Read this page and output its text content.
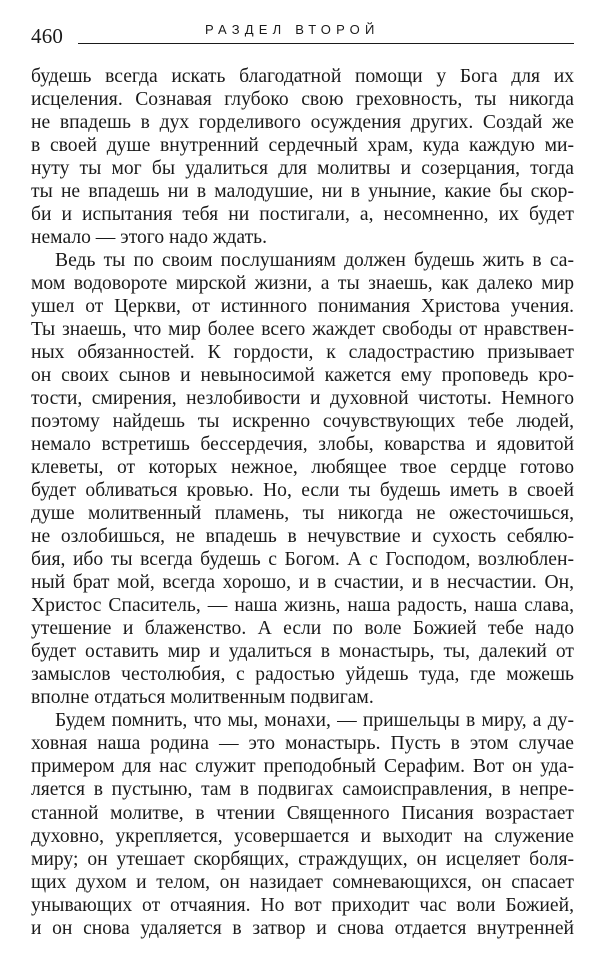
460	РАЗДЕЛ ВТОРОЙ
будешь всегда искать благодатной помощи у Бога для их
исцеления. Сознавая глубоко свою греховность, ты никогда
не впадешь в дух горделивого осуждения других. Создай же
в своей душе внутренний сердечный храм, куда каждую ми-
нуту ты мог бы удалиться для молитвы и созерцания, тогда
ты не впадешь ни в малодушие, ни в уныние, какие бы скор-
би и испытания тебя ни постигали, а, несомненно, их будет
немало — этого надо ждать.
Ведь ты по своим послушаниям должен будешь жить в са-
мом водовороте мирской жизни, а ты знаешь, как далеко мир
ушел от Церкви, от истинного понимания Христова учения.
Ты знаешь, что мир более всего жаждет свободы от нравствен-
ных обязанностей. К гордости, к сладострастию призывает
он своих сынов и невыносимой кажется ему проповедь кро-
тости, смирения, незлобивости и духовной чистоты. Немного
поэтому найдешь ты искренно сочувствующих тебе людей,
немало встретишь бессердечия, злобы, коварства и ядовитой
клеветы, от которых нежное, любящее твое сердце готово
будет обливаться кровью. Но, если ты будешь иметь в своей
душе молитвенный пламень, ты никогда не ожесточишься,
не озлобишься, не впадешь в нечувствие и сухость себялю-
бия, ибо ты всегда будешь с Богом. А с Господом, возлюблен-
ный брат мой, всегда хорошо, и в счастии, и в несчастии. Он,
Христос Спаситель, — наша жизнь, наша радость, наша слава,
утешение и блаженство. А если по воле Божией тебе надо
будет оставить мир и удалиться в монастырь, ты, далекий от
замыслов честолюбия, с радостью уйдешь туда, где можешь
вполне отдаться молитвенным подвигам.
Будем помнить, что мы, монахи, — пришельцы в миру, а ду-
ховная наша родина — это монастырь. Пусть в этом случае
примером для нас служит преподобный Серафим. Вот он уда-
ляется в пустыню, там в подвигах самоисправления, в непре-
станной молитве, в чтении Священного Писания возрастает
духовно, укрепляется, усовершается и выходит на служение
миру; он утешает скорбящих, страждущих, он исцеляет боля-
щих духом и телом, он назидает сомневающихся, он спасает
унывающих от отчаяния. Но вот приходит час воли Божией,
и он снова удаляется в затвор и снова отдается внутренней
